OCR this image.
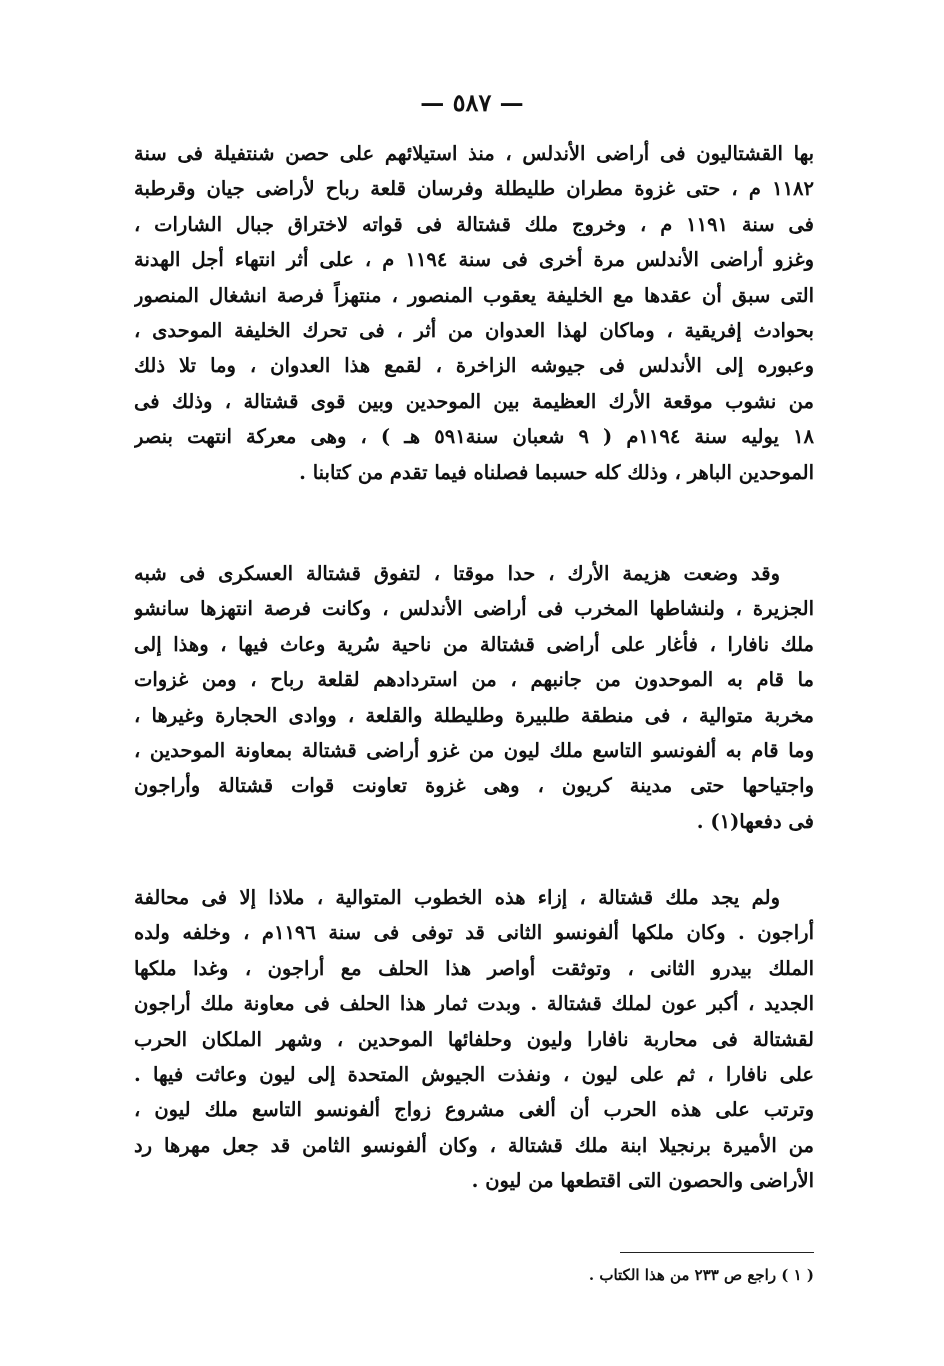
— ٥٨٧ —
بها القشتاليون فى أراضى الأندلس ، منذ استيلائهم على حصن شنتفيلة فى سنة
١١٨٢ م ، حتى غزوة مطران طليطلة وفرسان قلعة رباح لأراضى جيان وقرطبة
فى سنة ١١٩١ م ، وخروج ملك قشتالة فى قواته لاختراق جبال الشارات ،
وغزو أراضى الأندلس مرة أخرى فى سنة ١١٩٤ م ، على أثر انتهاء أجل الهدنة
التى سبق أن عقدها مع الخليفة يعقوب المنصور ، منتهزاً فرصة انشغال المنصور
بحوادث إفريقية ، وماكان لهذا العدوان من أثر ، فى تحرك الخليفة الموحدى ،
وعبوره إلى الأندلس فى جيوشه الزاخرة ، لقمع هذا العدوان ، وما تلا ذلك
من نشوب موقعة الأرك العظيمة بين الموحدين وبين قوى قشتالة ، وذلك فى
١٨ يوليه سنة ١١٩٤م ( ٩ شعبان سنة٥٩١ هـ ) ، وهى معركة انتهت بنصر
الموحدين الباهر ، وذلك كله حسبما فصلناه فيما تقدم من كتابنا .
وقد وضعت هزيمة الأرك ، حدا موقتا ، لتفوق قشتالة العسكرى فى شبه
الجزيرة ، ولنشاطها المخرب فى أراضى الأندلس ، وكانت فرصة انتهزها سانشو
ملك نافارا ، فأغار على أراضى قشتالة من ناحية سُرية وعاث فيها ، وهذا إلى
ما قام به الموحدون من جانبهم ، من استردادهم لقلعة رباح ، ومن غزوات
مخربة متوالية ، فى منطقة طلبيرة وطليطلة والقلعة ، ووادى الحجارة وغيرها ،
وما قام به ألفونسو التاسع ملك ليون من غزو أراضى قشتالة بمعاونة الموحدين ،
واجتياحها حتى مدينة كريون ، وهى غزوة تعاونت قوات قشتالة وأراجون
فى دفعها(١) .
ولم يجد ملك قشتالة ، إزاء هذه الخطوب المتوالية ، ملاذا إلا فى محالفة
أراجون . وكان ملكها ألفونسو الثانى قد توفى فى سنة ١١٩٦م ، وخلفه ولده
الملك بيدرو الثانى ، وتوثقت أواصر هذا الحلف مع أراجون ، وغدا ملكها
الجديد ، أكبر عون لملك قشتالة . وبدت ثمار هذا الحلف فى معاونة ملك أراجون
لقشتالة فى محاربة نافارا وليون وحلفائها الموحدين ، وشهر الملكان الحرب
على نافارا ، ثم على ليون ، ونفذت الجيوش المتحدة إلى ليون وعاثت فيها .
وترتب على هذه الحرب أن ألغى مشروع زواج ألفونسو التاسع ملك ليون ،
من الأميرة برنجيلا ابنة ملك قشتالة ، وكان ألفونسو الثامن قد جعل مهرها رد
الأراضى والحصون التى اقتطعها من ليون .
( ١ ) راجع ص ٢٣٣ من هذا الكتاب .
